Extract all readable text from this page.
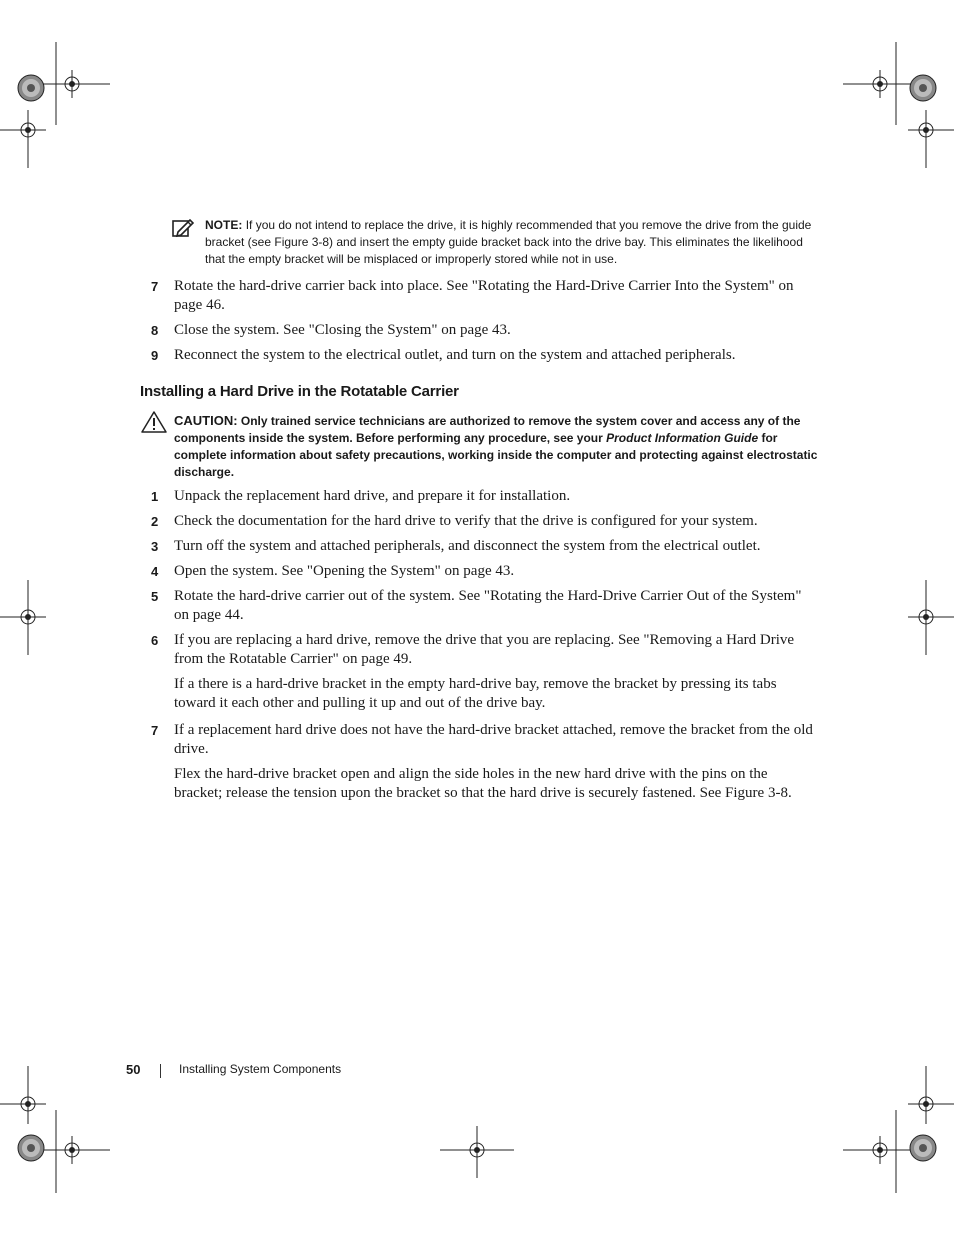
NOTE: If you do not intend to replace the drive, it is highly recommended that you remove the drive from the guide bracket (see Figure 3-8) and insert the empty guide bracket back into the drive bay. This eliminates the likelihood that the empty bracket will be misplaced or improperly stored while not in use.
7 Rotate the hard-drive carrier back into place. See "Rotating the Hard-Drive Carrier Into the System" on page 46.
8 Close the system. See "Closing the System" on page 43.
9 Reconnect the system to the electrical outlet, and turn on the system and attached peripherals.
Installing a Hard Drive in the Rotatable Carrier
CAUTION: Only trained service technicians are authorized to remove the system cover and access any of the components inside the system. Before performing any procedure, see your Product Information Guide for complete information about safety precautions, working inside the computer and protecting against electrostatic discharge.
1 Unpack the replacement hard drive, and prepare it for installation.
2 Check the documentation for the hard drive to verify that the drive is configured for your system.
3 Turn off the system and attached peripherals, and disconnect the system from the electrical outlet.
4 Open the system. See "Opening the System" on page 43.
5 Rotate the hard-drive carrier out of the system. See "Rotating the Hard-Drive Carrier Out of the System" on page 44.
6 If you are replacing a hard drive, remove the drive that you are replacing. See "Removing a Hard Drive from the Rotatable Carrier" on page 49.
If a there is a hard-drive bracket in the empty hard-drive bay, remove the bracket by pressing its tabs toward it each other and pulling it up and out of the drive bay.
7 If a replacement hard drive does not have the hard-drive bracket attached, remove the bracket from the old drive.
Flex the hard-drive bracket open and align the side holes in the new hard drive with the pins on the bracket; release the tension upon the bracket so that the hard drive is securely fastened. See Figure 3-8.
50	Installing System Components
